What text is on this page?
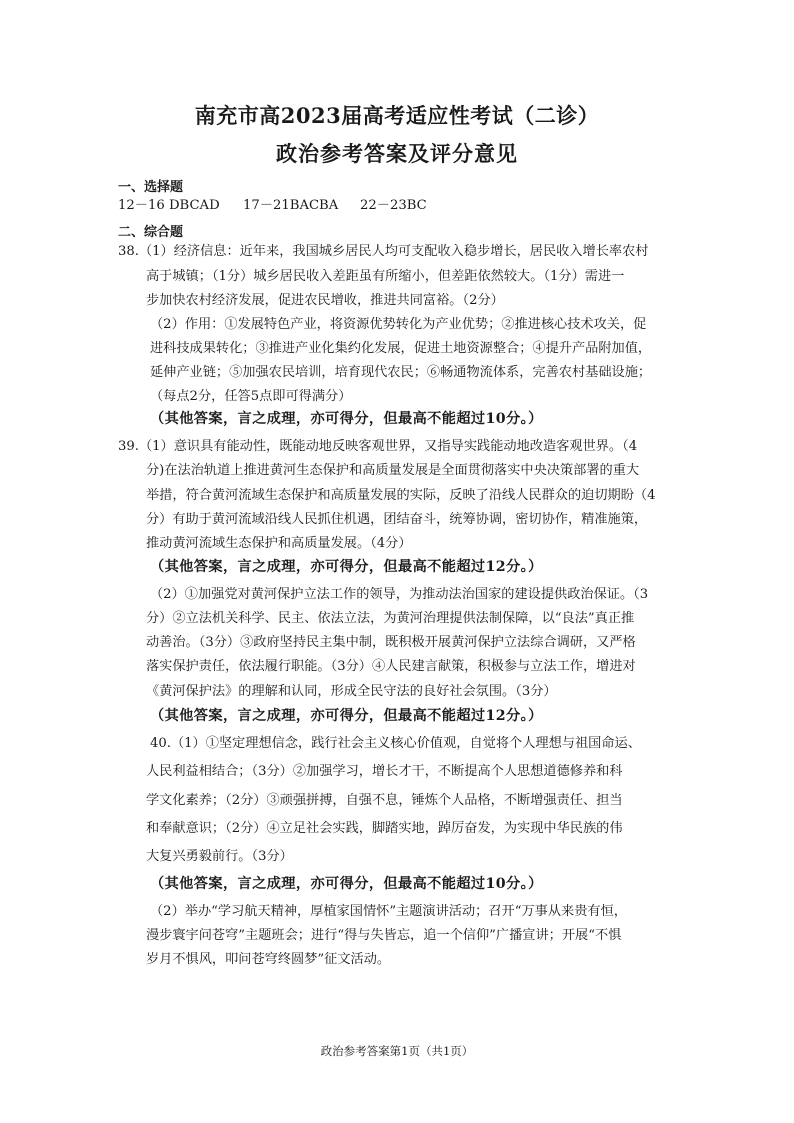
南充市高2023届高考适应性考试（二诊）
政治参考答案及评分意见
一、选择题
12－16 DBCAD 17－21BACBA 22－23BC
二、综合题
38.（1）经济信息：近年来，我国城乡居民人均可支配收入稳步增长，居民收入增长率农村
高于城镇；（1分）城乡居民收入差距虽有所缩小，但差距依然较大。（1分）需进一
步加快农村经济发展，促进农民增收，推进共同富裕。（2分）
（2）作用：①发展特色产业，将资源优势转化为产业优势；②推进核心技术攻关，促
进科技成果转化；③推进产业化集约化发展，促进土地资源整合；④提升产品附加值，
延伸产业链；⑤加强农民培训，培育现代农民；⑥畅通物流体系，完善农村基础设施；
（每点2分，任答5点即可得满分）
（其他答案，言之成理，亦可得分，但最高不能超过10分。）
39.（1）意识具有能动性，既能动地反映客观世界，又指导实践能动地改造客观世界。（4
分)在法治轨道上推进黄河生态保护和高质量发展是全面贯彻落实中央决策部署的重大
举措，符合黄河流域生态保护和高质量发展的实际，反映了沿线人民群众的迫切期盼（4
分）有助于黄河流域沿线人民抓住机遇，团结奋斗，统筹协调，密切协作，精准施策，
推动黄河流域生态保护和高质量发展。（4分）
（其他答案，言之成理，亦可得分，但最高不能超过12分。）
（2）①加强党对黄河保护立法工作的领导，为推动法治国家的建设提供政治保证。（3
分）②立法机关科学、民主、依法立法，为黄河治理提供法制保障，以“良法”真正推
动善治。（3分）③政府坚持民主集中制，既积极开展黄河保护立法综合调研，又严格
落实保护责任，依法履行职能。（3分）④人民建言献策，积极参与立法工作，增进对
《黄河保护法》的理解和认同，形成全民守法的良好社会氛围。（3分）
（其他答案，言之成理，亦可得分，但最高不能超过12分。）
40.（1）①坚定理想信念，践行社会主义核心价值观，自觉将个人理想与祖国命运、
人民利益相结合；（3分）②加强学习，增长才干，不断提高个人思想道德修养和科
学文化素养；（2分）③顽强拼搏，自强不息，锤炼个人品格，不断增强责任、担当
和奉献意识；（2分）④立足社会实践，脚踏实地，踔厉奋发，为实现中华民族的伟
大复兴勇毅前行。（3分）
（其他答案，言之成理，亦可得分，但最高不能超过10分。）
（2）举办“学习航天精神，厚植家国情怀”主题演讲活动；召开“万事从来贵有恒，
漫步寰宇问苍穹”主题班会；进行“得与失皆忘，追一个信仰”广播宣讲；开展“不惧
岁月不惧风，叩问苍穹终圆梦”征文活动。
政治参考答案第1页（共1页）
